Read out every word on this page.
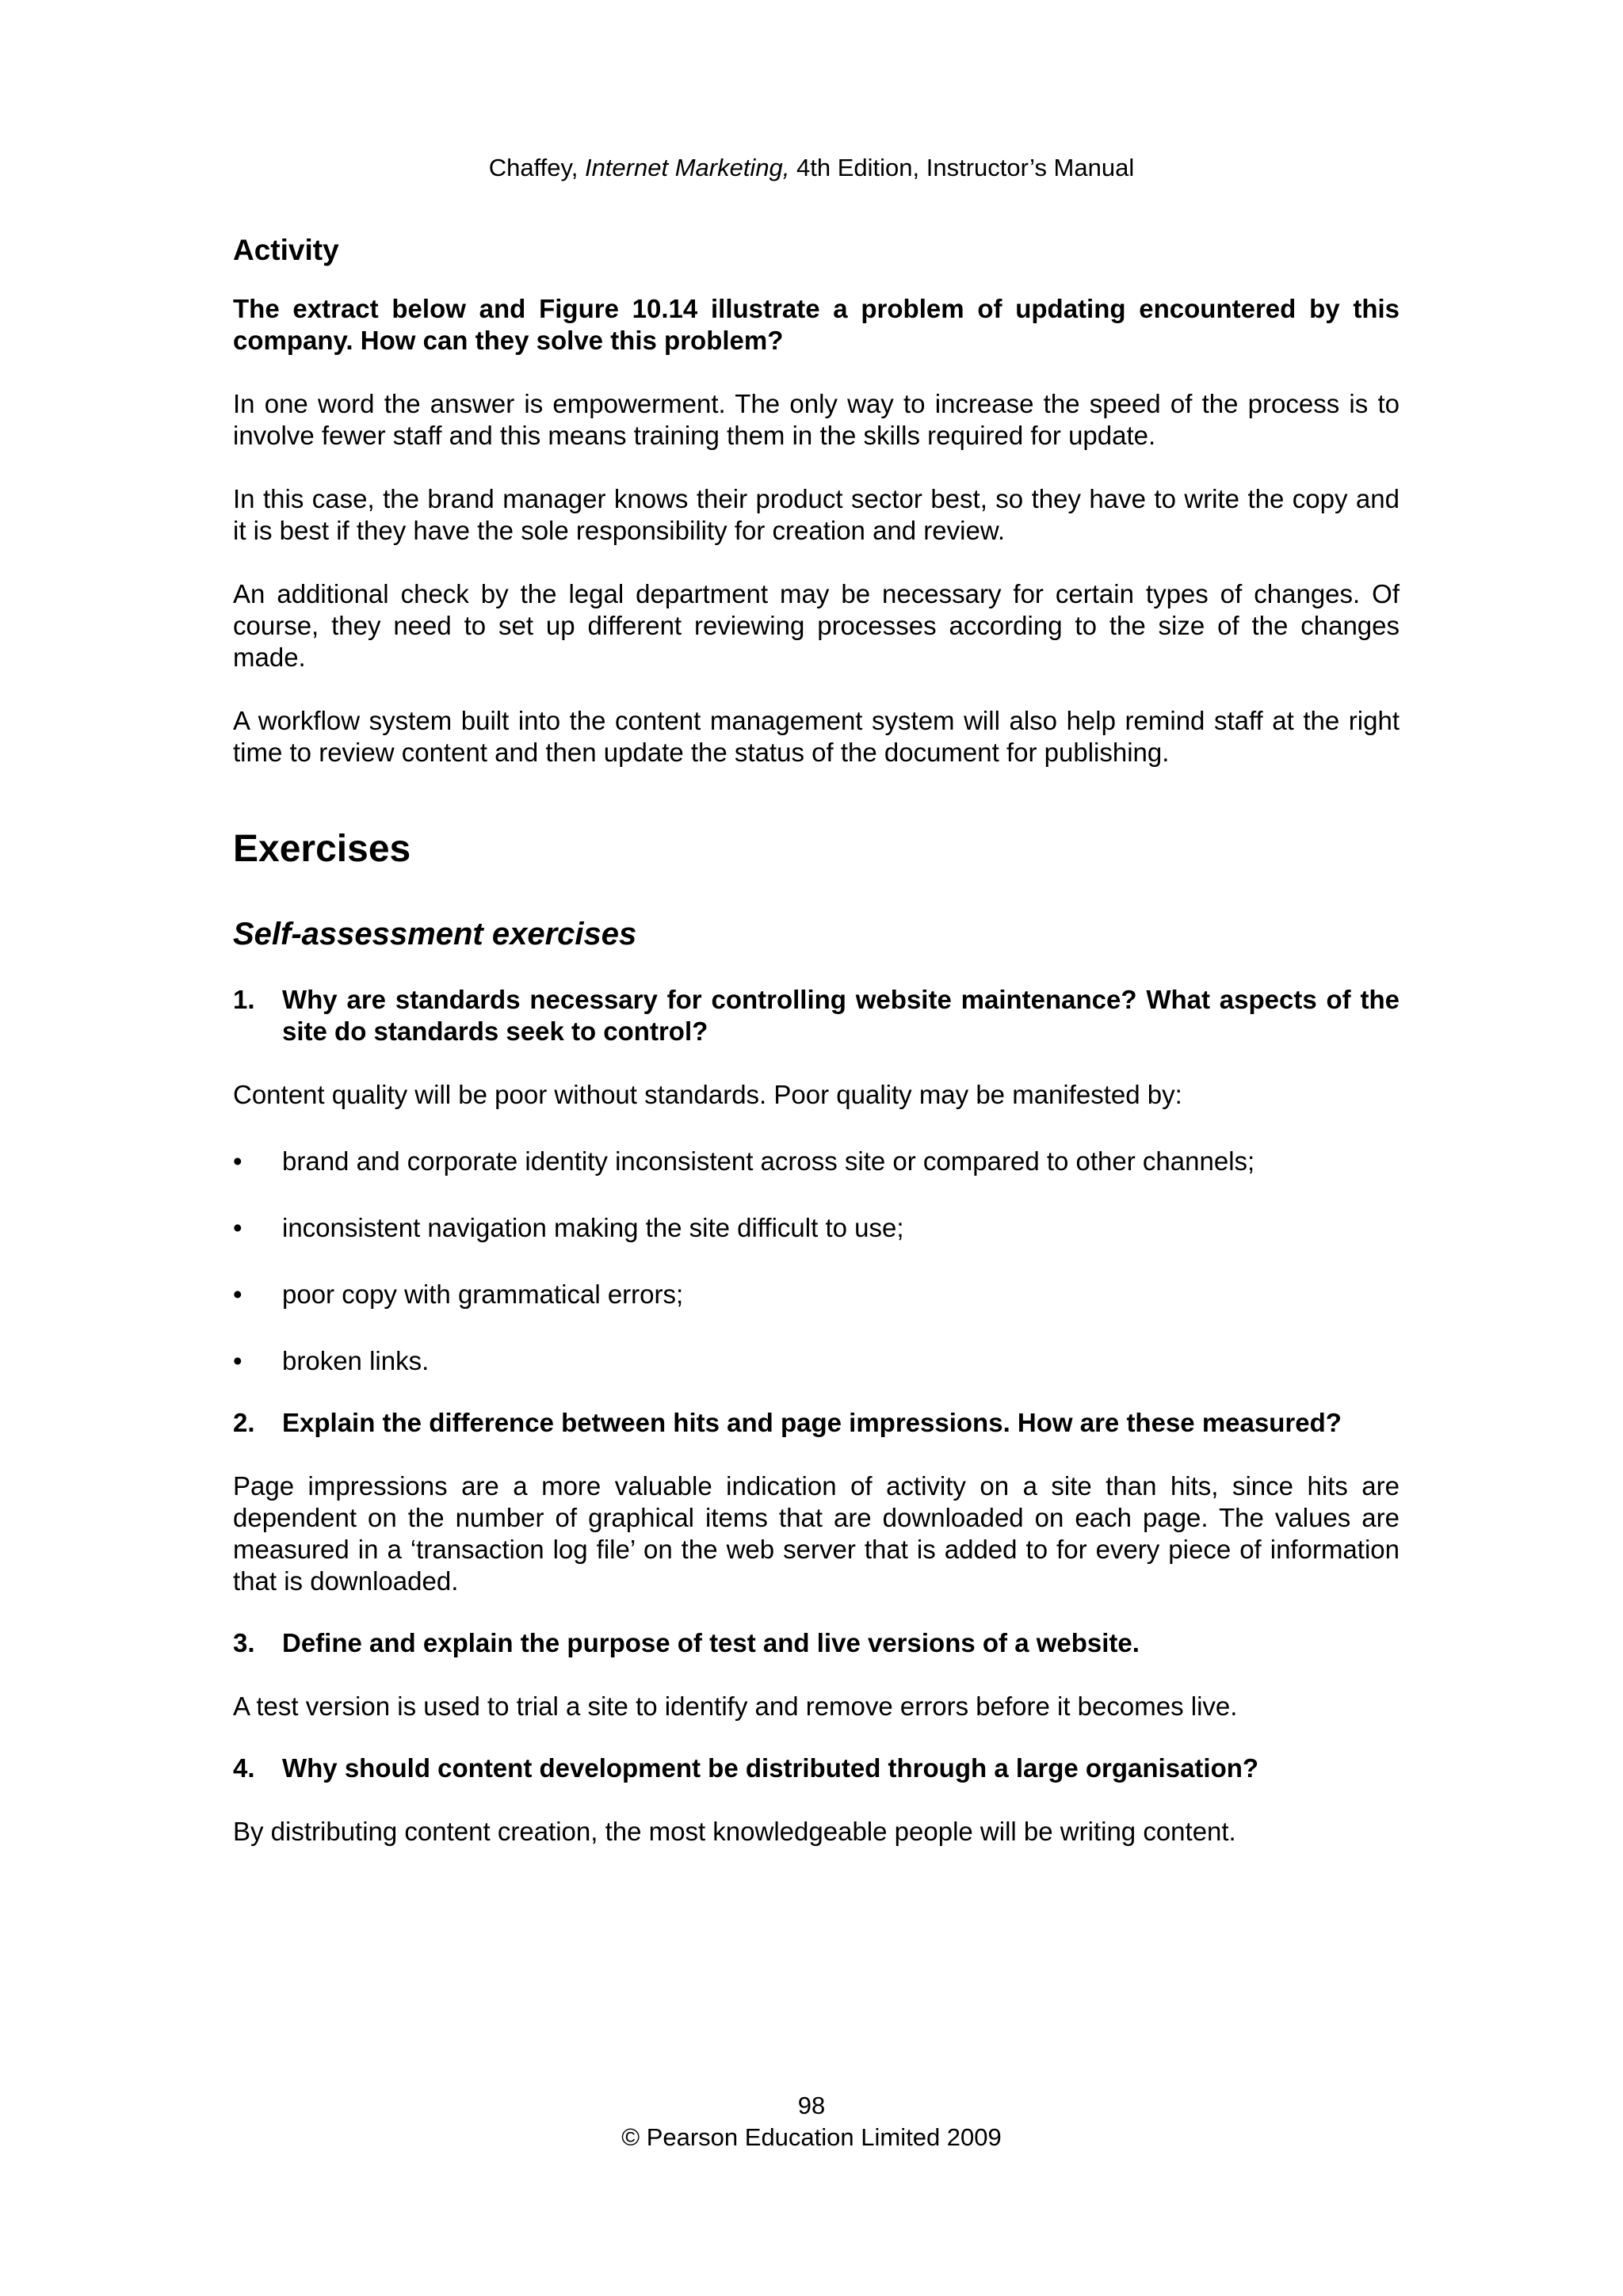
Chaffey, Internet Marketing, 4th Edition, Instructor’s Manual
Activity

The extract below and Figure 10.14 illustrate a problem of updating encountered by this company. How can they solve this problem?

In one word the answer is empowerment. The only way to increase the speed of the process is to involve fewer staff and this means training them in the skills required for update.

In this case, the brand manager knows their product sector best, so they have to write the copy and it is best if they have the sole responsibility for creation and review.

An additional check by the legal department may be necessary for certain types of changes. Of course, they need to set up different reviewing processes according to the size of the changes made.

A workflow system built into the content management system will also help remind staff at the right time to review content and then update the status of the document for publishing.

Exercises
Self-assessment exercises
1.	Why are standards necessary for controlling website maintenance? What aspects of the site do standards seek to control?

Content quality will be poor without standards. Poor quality may be manifested by:

•	brand and corporate identity inconsistent across site or compared to other channels;
•	inconsistent navigation making the site difficult to use;
•	poor copy with grammatical errors;
•	broken links.
2.	Explain the difference between hits and page impressions. How are these measured?

Page impressions are a more valuable indication of activity on a site than hits, since hits are dependent on the number of graphical items that are downloaded on each page. The values are measured in a ‘transaction log file’ on the web server that is added to for every piece of information that is downloaded.

3.	Define and explain the purpose of test and live versions of a website.

A test version is used to trial a site to identify and remove errors before it becomes live.

4.	Why should content development be distributed through a large organisation?

By distributing content creation, the most knowledgeable people will be writing content.

98
© Pearson Education Limited 2009
